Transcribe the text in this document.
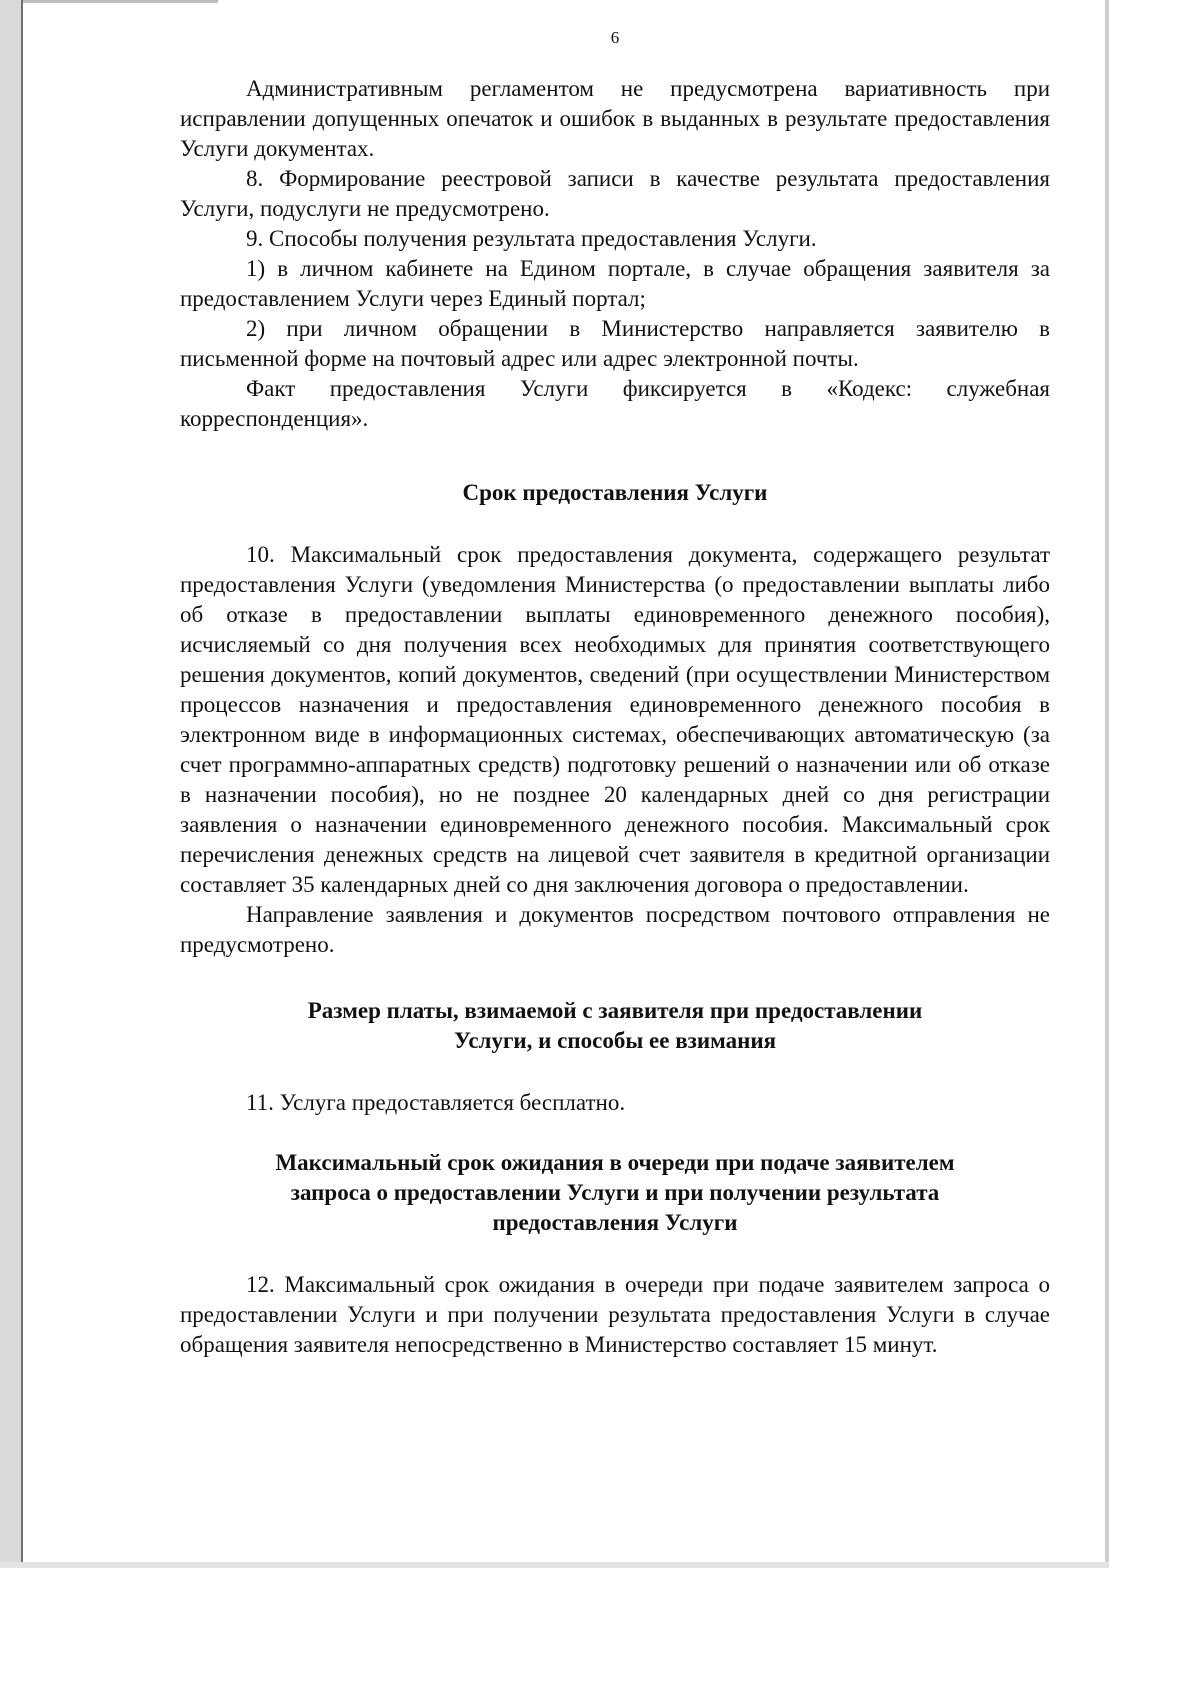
6

Административным регламентом не предусмотрена вариативность при исправлении допущенных опечаток и ошибок в выданных в результате предоставления Услуги документах.

8. Формирование реестровой записи в качестве результата предоставления Услуги, подуслуги не предусмотрено.

9. Способы получения результата предоставления Услуги.

1) в личном кабинете на Едином портале, в случае обращения заявителя за предоставлением Услуги через Единый портал;

2) при личном обращении в Министерство направляется заявителю в письменной форме на почтовый адрес или адрес электронной почты.

Факт предоставления Услуги фиксируется в «Кодекс: служебная корреспонденция».

Срок предоставления Услуги

10. Максимальный срок предоставления документа, содержащего результат предоставления Услуги (уведомления Министерства (о предоставлении выплаты либо об отказе в предоставлении выплаты единовременного денежного пособия), исчисляемый со дня получения всех необходимых для принятия соответствующего решения документов, копий документов, сведений (при осуществлении Министерством процессов назначения и предоставления единовременного денежного пособия в электронном виде в информационных системах, обеспечивающих автоматическую (за счет программно-аппаратных средств) подготовку решений о назначении или об отказе в назначении пособия), но не позднее 20 календарных дней со дня регистрации заявления о назначении единовременного денежного пособия. Максимальный срок перечисления денежных средств на лицевой счет заявителя в кредитной организации составляет 35 календарных дней со дня заключения договора о предоставлении.

Направление заявления и документов посредством почтового отправления не предусмотрено.

Размер платы, взимаемой с заявителя при предоставлении
Услуги, и способы ее взимания

11. Услуга предоставляется бесплатно.

Максимальный срок ожидания в очереди при подаче заявителем
запроса о предоставлении Услуги и при получении результата
предоставления Услуги

12. Максимальный срок ожидания в очереди при подаче заявителем запроса о предоставлении Услуги и при получении результата предоставления Услуги в случае обращения заявителя непосредственно в Министерство составляет 15 минут.
